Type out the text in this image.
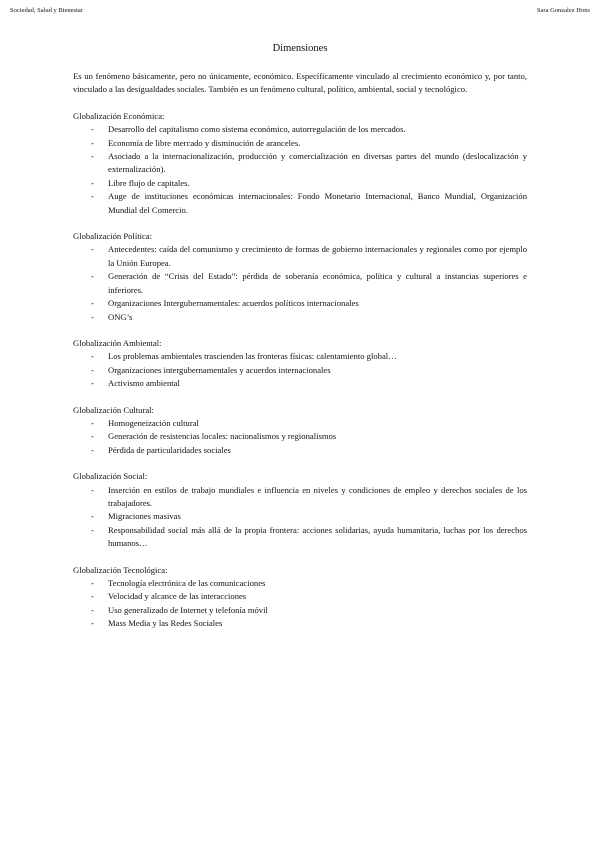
Sociedad, Salud y Bienestar	Sara Gonzalez Hons
Dimensiones

Es un fenómeno básicamente, pero no únicamente, económico. Específicamente vinculado al crecimiento económico y, por tanto, vinculado a las desigualdades sociales. También es un fenómeno cultural, político, ambiental, social y tecnológico.

Globalización Económica:

- Desarrollo del capitalismo como sistema económico, autorregulación de los mercados.
- Economía de libre mercado y disminución de aranceles.
- Asociado a la internacionalización, producción y comercialización en diversas partes del mundo (deslocalización y externalización).
- Libre flujo de capitales.
- Auge de instituciones económicas internacionales: Fondo Monetario Internacional, Banco Mundial, Organización Mundial del Comercio.

Globalización Política:

- Antecedentes: caída del comunismo y crecimiento de formas de gobierno internacionales y regionales como por ejemplo la Unión Europea.
- Generación de “Crisis del Estado”: pérdida de soberanía económica, política y cultural a instancias superiores e inferiores.
- Organizaciones Intergubernamentales: acuerdos políticos internacionales
- ONG’s

Globalización Ambiental:

- Los problemas ambientales trascienden las fronteras físicas: calentamiento global…
- Organizaciones intergubernamentales y acuerdos internacionales
- Activismo ambiental

Globalización Cultural:

- Homogeneización cultural
- Generación de resistencias locales: nacionalismos y regionalismos
- Pérdida de particularidades sociales

Globalización Social:

- Inserción en estilos de trabajo mundiales e influencia en niveles y condiciones de empleo y derechos sociales de los trabajadores.
- Migraciones masivas
- Responsabilidad social más allá de la propia frontera: acciones solidarias, ayuda humanitaria, luchas por los derechos humanos…

Globalización Tecnológica:

- Tecnología electrónica de las comunicaciones
- Velocidad y alcance de las interacciones
- Uso generalizado de Internet y telefonía móvil
- Mass Media y las Redes Sociales
